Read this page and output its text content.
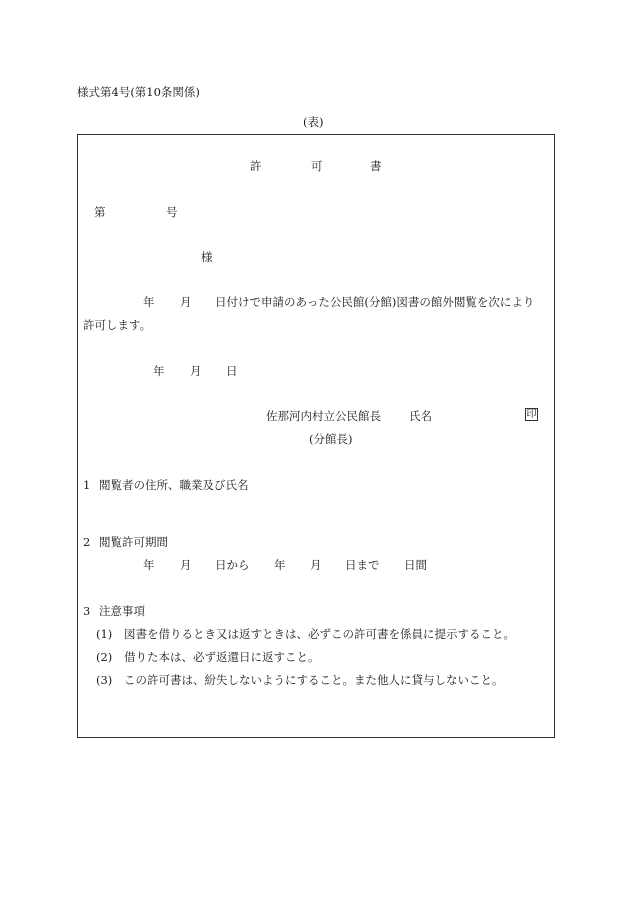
様式第4号(第10条関係)
(表)
許	可	書
第	号
様
年 月 日付けで申請のあった公民館(分館)図書の館外閲覧を次により
許可します。
年 月 日
佐那河内村立公民館長 氏名	印
(分館長)
1 閲覧者の住所、職業及び氏名
2 閲覧許可期間
年 月 日から 年 月 日まで 日間
3 注意事項
(1) 図書を借りるとき又は返すときは、必ずこの許可書を係員に提示すること。
(2) 借りた本は、必ず返還日に返すこと。
(3) この許可書は、紛失しないようにすること。また他人に貸与しないこと。
